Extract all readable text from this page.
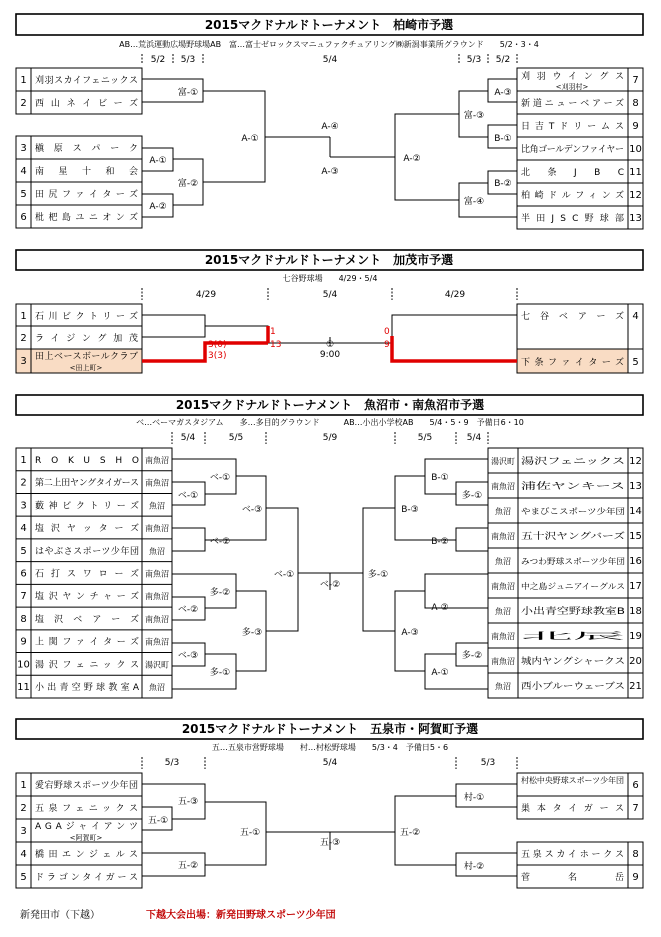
2015マクドナルドトーナメント　柏崎市予選
AB…荒浜運動広場野球場AB　富…富士ゼロックスマニュファクチュアリング㈱新潟事業所グラウンド　　5/2・3・4
5/2 5/3	5/4	5/3 5/2
2015マクドナルドトーナメント　加茂市予選
七谷野球場　　4/29・5/4
4/29	5/4	4/29
2015マクドナルドトーナメント　魚沼市・南魚沼市予選
ベ…ベーマガスタジアム　　多…多目的グラウンド　　　AB…小出小学校AB　　5/4・5・9　予備日6・10
5/4	5/5	5/9	5/5	5/4
2015マクドナルドトーナメント　五泉市・阿賀町予選
五…五泉市営野球場　　村…村松野球場　　5/3・4　予備日5・6
5/3	5/4	5/3
1 刈羽スカイフェニックス
2 西山ネイビーズ
3 槇原スパーク
4 南星十和会
5 田尻ファイターズ
6 枇杷島ユニオンズ
刈羽ウイングス
<刈羽村>
7
新道ニューベアーズ 8
日吉Tドリームス 9
比角ゴールデンファイヤー 10
北条JBC 11
柏崎ドルフィンズ 12
半田JSC野球部 13
富-①
A-①
A-②
富-②
A-①
A-④
A-③
A-②
A-③
富-③
B-①
B-②
富-④
1 石川ビクトリーズ
2 ライジング加茂
3 田上ベースボールクラブ
<田上町>
七谷ベアーズ 4
下条ファイターズ 5
3(0)
3(3)
1
13
0
9
①
9:00
1 ROKUSHO 南魚沼
2 第二上田ヤングタイガース 南魚沼
3 藪神ビクトリーズ 魚沼
4 塩沢ヤッターズ 南魚沼
5 はやぶさスポーツ少年団 魚沼
6 石打スワローズ 南魚沼
7 塩沢ヤンチャーズ 南魚沼
8 塩沢ベアーズ 南魚沼
9 上関ファイターズ 南魚沼
10 湯沢フェニックス 湯沢町
11 小出青空野球教室A 魚沼
湯沢町 湯沢フェニックス	12
南魚沼 浦佐ヤンキース	13
魚沼 やまびこスポーツ少年団	14
南魚沼 五十沢ヤングバーズ	15
魚沼 みつわ野球スポーツ少年団	16
南魚沼 中之島ジュニアイーグルス	17
魚沼 小出青空野球教室B	18
南魚沼 北辰	19
南魚沼 城内ヤングシャークス	20
魚沼 西小ブルーウェーブス	21
ベ-①
ベ-①
ベ-②
ベ-③
多-②
ベ-②
ベ-③
多-①
多-③
ベ-①
ベ-②
多-①
B-①
多-①
B-②
B-③
A-②
多-②
A-①
A-③
1 愛宕野球スポーツ少年団
2 五泉フェニックス
3 AGAジャイアンツ
<阿賀町>
4 橋田エンジェルス
5 ドラゴンタイガース
村松中央野球スポーツ少年団 6
巣本タイガース 7
五泉スカイホークス 8
菅名岳 9
五-③
五-①
五-②
五-①
五-③
五-②
村-①
村-②
新発田市（下越）	下越大会出場：新発田野球スポーツ少年団
